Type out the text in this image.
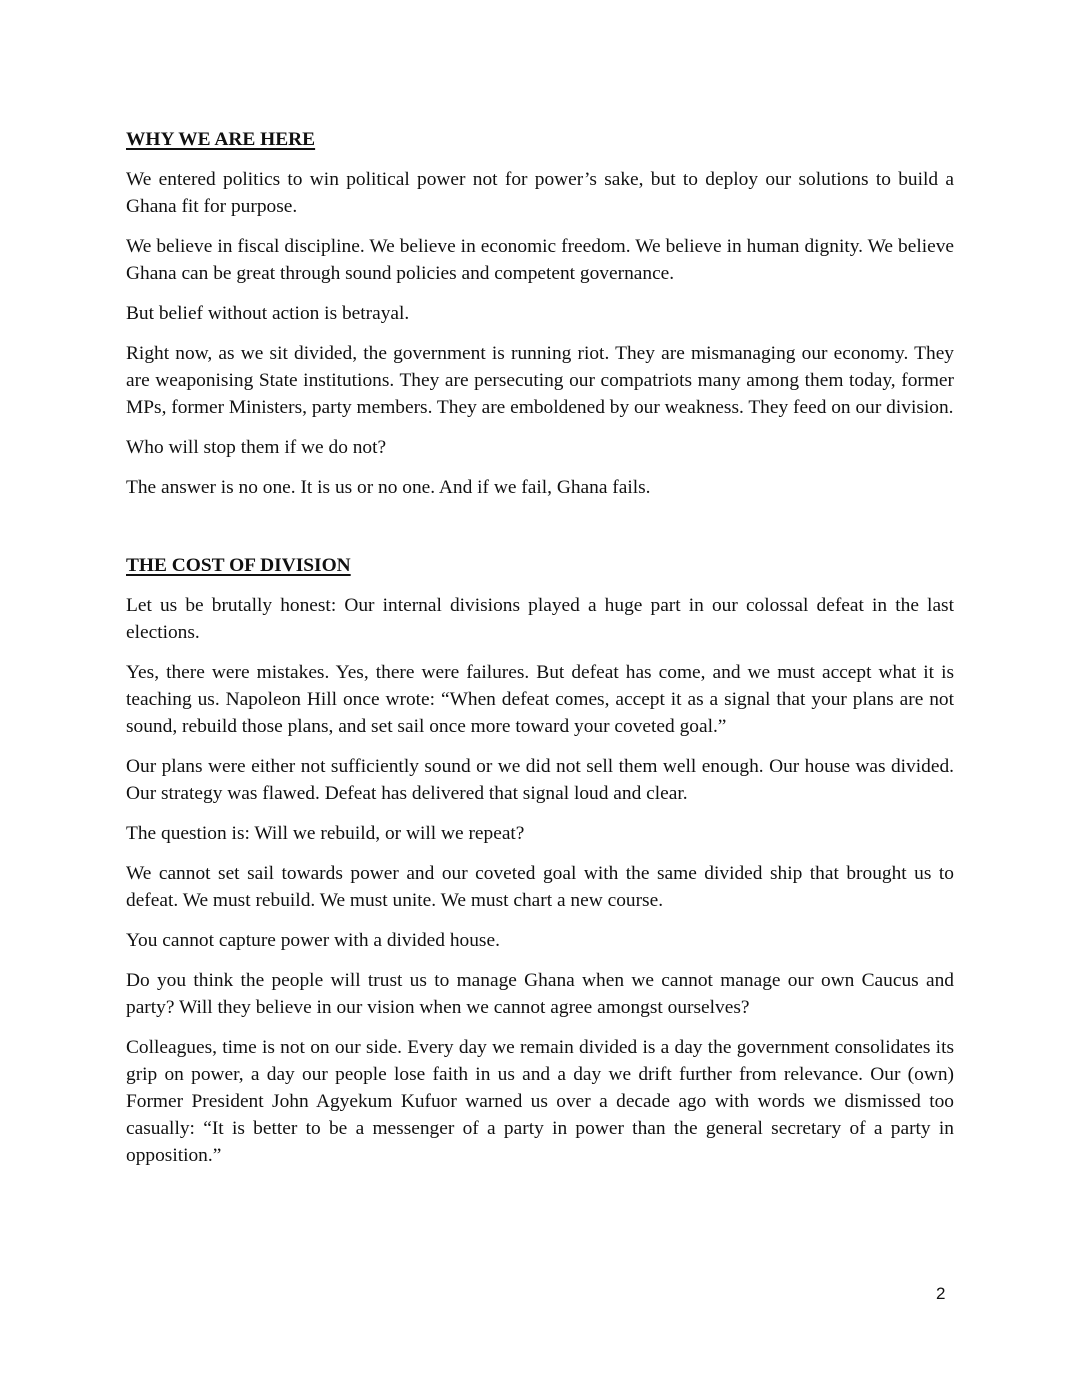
WHY WE ARE HERE

We entered politics to win political power not for power’s sake, but to deploy our solutions to build a Ghana fit for purpose.

We believe in fiscal discipline. We believe in economic freedom. We believe in human dignity. We believe Ghana can be great through sound policies and competent governance.

But belief without action is betrayal.

Right now, as we sit divided, the government is running riot. They are mismanaging our economy. They are weaponising State institutions. They are persecuting our compatriots many among them today, former MPs, former Ministers, party members. They are emboldened by our weakness. They feed on our division.

Who will stop them if we do not?

The answer is no one. It is us or no one. And if we fail, Ghana fails.

THE COST OF DIVISION

Let us be brutally honest: Our internal divisions played a huge part in our colossal defeat in the last elections.

Yes, there were mistakes. Yes, there were failures. But defeat has come, and we must accept what it is teaching us. Napoleon Hill once wrote: “When defeat comes, accept it as a signal that your plans are not sound, rebuild those plans, and set sail once more toward your coveted goal.”

Our plans were either not sufficiently sound or we did not sell them well enough. Our house was divided. Our strategy was flawed. Defeat has delivered that signal loud and clear.

The question is: Will we rebuild, or will we repeat?

We cannot set sail towards power and our coveted goal with the same divided ship that brought us to defeat. We must rebuild. We must unite. We must chart a new course.

You cannot capture power with a divided house.

Do you think the people will trust us to manage Ghana when we cannot manage our own Caucus and party? Will they believe in our vision when we cannot agree amongst ourselves?

Colleagues, time is not on our side. Every day we remain divided is a day the government consolidates its grip on power, a day our people lose faith in us and a day we drift further from relevance. Our (own) Former President John Agyekum Kufuor warned us over a decade ago with words we dismissed too casually: “It is better to be a messenger of a party in power than the general secretary of a party in opposition.”

2
